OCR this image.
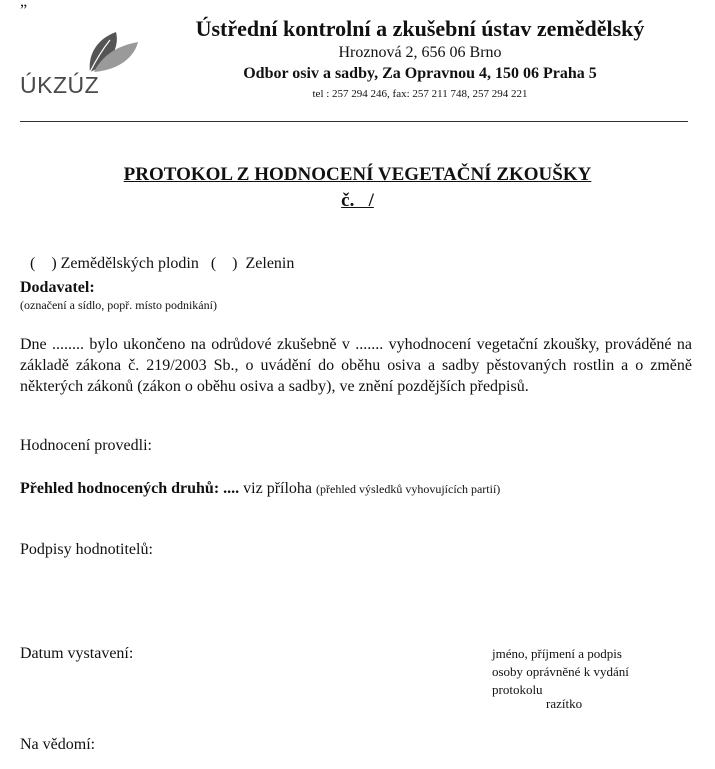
”
ÚKZÚZ
Ústřední kontrolní a zkušební ústav zemědělský
Hroznová 2, 656 06 Brno
Odbor osiv a sadby, Za Opravnou 4, 150 06 Praha 5
tel : 257 294 246, fax: 257 211 748, 257 294 221
PROTOKOL Z HODNOCENÍ VEGETAČNÍ ZKOUŠKY
č.   /

(    ) Zemědělských plodin (    )  Zelenin

Dodavatel:
(označení a sídlo, popř. místo podnikání)
Dne ........ bylo ukončeno na odrůdové zkušebně v ....... vyhodnocení vegetační zkoušky, prováděné na základě zákona č. 219/2003 Sb., o uvádění do oběhu osiva a sadby pěstovaných rostlin a o změně některých zákonů (zákon o oběhu osiva a sadby), ve znění pozdějších předpisů.
Hodnocení provedli:
Přehled hodnocených druhů: .... viz příloha (přehled výsledků vyhovujících partií)
Podpisy hodnotitelů:
Datum vystavení:	jméno, příjmení a podpis
osoby oprávněné k vydání
protokolu
razítko
Na vědomí:
